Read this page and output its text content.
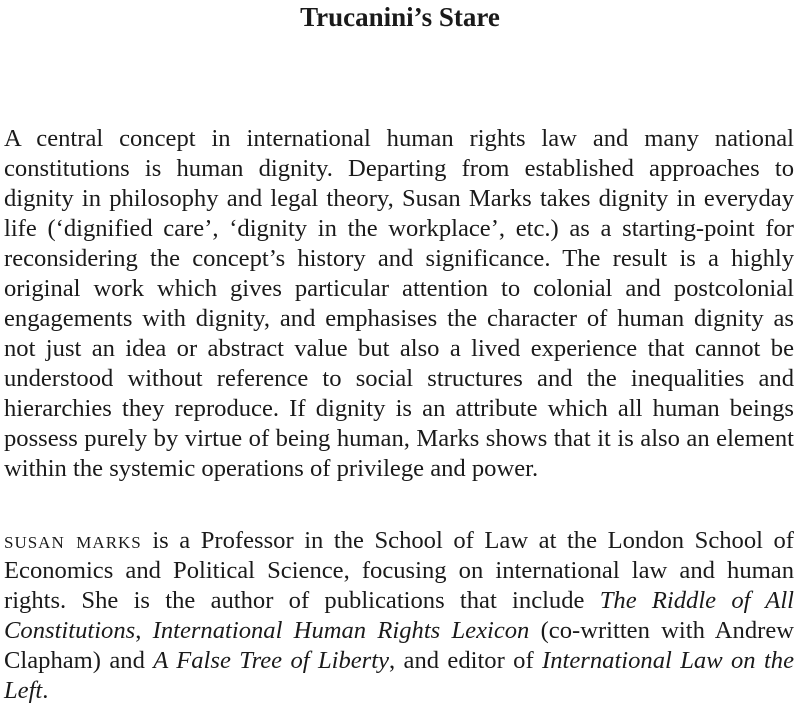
Trucanini’s Stare

A central concept in international human rights law and many national constitutions is human dignity. Departing from established approaches to dignity in philosophy and legal theory, Susan Marks takes dignity in everyday life (‘dignified care’, ‘dignity in the workplace’, etc.) as a starting-point for reconsidering the concept’s history and significance. The result is a highly original work which gives particular attention to colonial and postcolonial engagements with dignity, and emphasises the character of human dignity as not just an idea or abstract value but also a lived experience that cannot be understood without reference to social structures and the inequalities and hierarchies they reproduce. If dignity is an attribute which all human beings possess purely by virtue of being human, Marks shows that it is also an element within the systemic operations of privilege and power.

susan marks is a Professor in the School of Law at the London School of Economics and Political Science, focusing on international law and human rights. She is the author of publications that include The Riddle of All Constitutions, International Human Rights Lexicon (co-written with Andrew Clapham) and A False Tree of Liberty, and editor of International Law on the Left.
